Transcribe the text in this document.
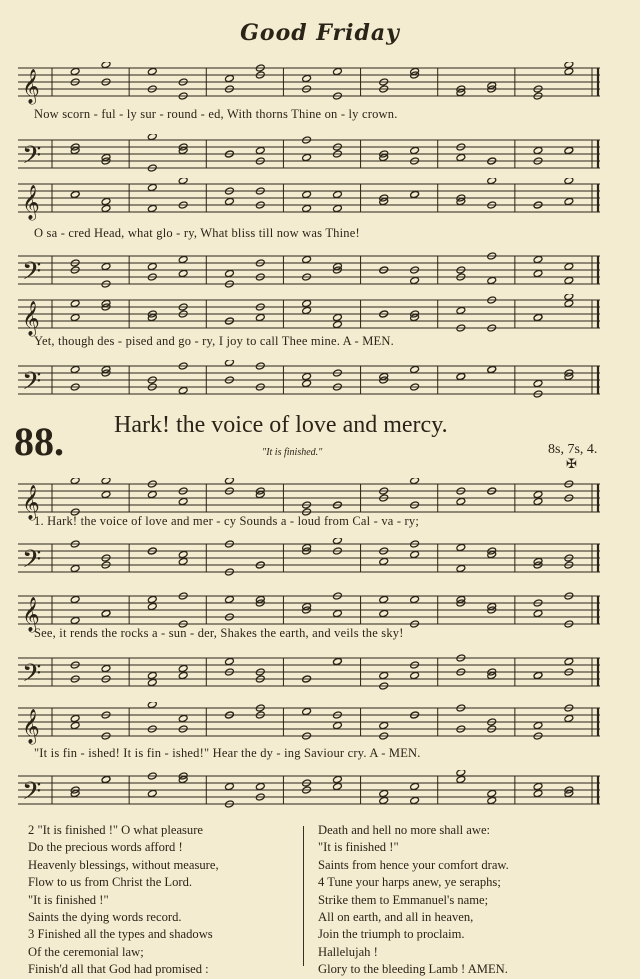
Good Friday
𝄞
Now scorn - ful - ly sur - round - ed, With thorns Thine on - ly crown.
𝄢
𝄞
O sa - cred Head, what glo - ry, What bliss till now was Thine!
𝄢
𝄞
Yet, though des - pised and go - ry, I joy to call Thee mine. A - MEN.
𝄢
88. Hark! the voice of love and mercy.
"It is finished."	8s, 7s, 4.
✠
𝄞
1. Hark! the voice of love and mer - cy Sounds a - loud from Cal - va - ry;
𝄢
𝄞
See, it rends the rocks a - sun - der, Shakes the earth, and veils the sky!
𝄢
𝄞
"It is fin - ished! It is fin - ished!" Hear the dy - ing Saviour cry. A - MEN.
𝄢
2 "It is finished !" O what pleasure
Do the precious words afford !
Heavenly blessings, without measure,
Flow to us from Christ the Lord.
"It is finished !"
Saints the dying words record.
3 Finished all the types and shadows
Of the ceremonial law;
Finish'd all that God had promised :
Death and hell no more shall awe:
"It is finished !"
Saints from hence your comfort draw.
4 Tune your harps anew, ye seraphs;
Strike them to Emmanuel's name;
All on earth, and all in heaven,
Join the triumph to proclaim.
Hallelujah !
Glory to the bleeding Lamb ! AMEN.
